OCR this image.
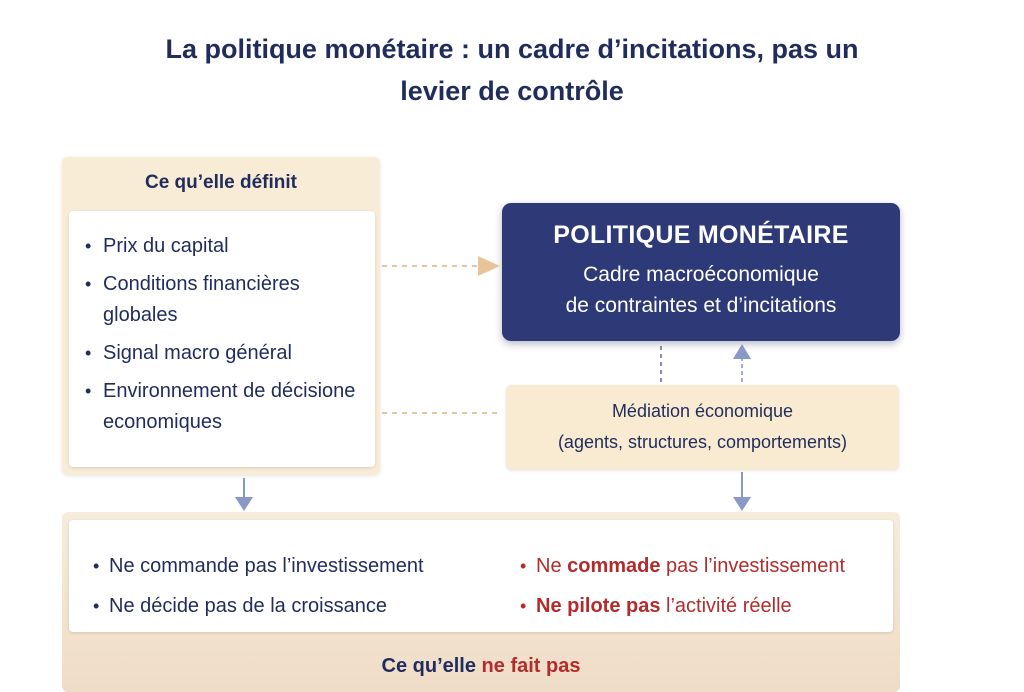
La politique monétaire : un cadre d’incitations, pas un
levier de contrôle
Ce qu’elle définit
• Prix du capital
• Conditions financières globales
• Signal macro général
• Environnement de décisione economiques
POLITIQUE MONÉTAIRE
Cadre macroéconomique
de contraintes et d’incitations
Médiation économique
(agents, structures, comportements)
• Ne commande pas l’investissement
• Ne décide pas de la croissance
• Ne commade pas l’investissement
• Ne pilote pas l’activité réelle
Ce qu’elle ne fait pas
